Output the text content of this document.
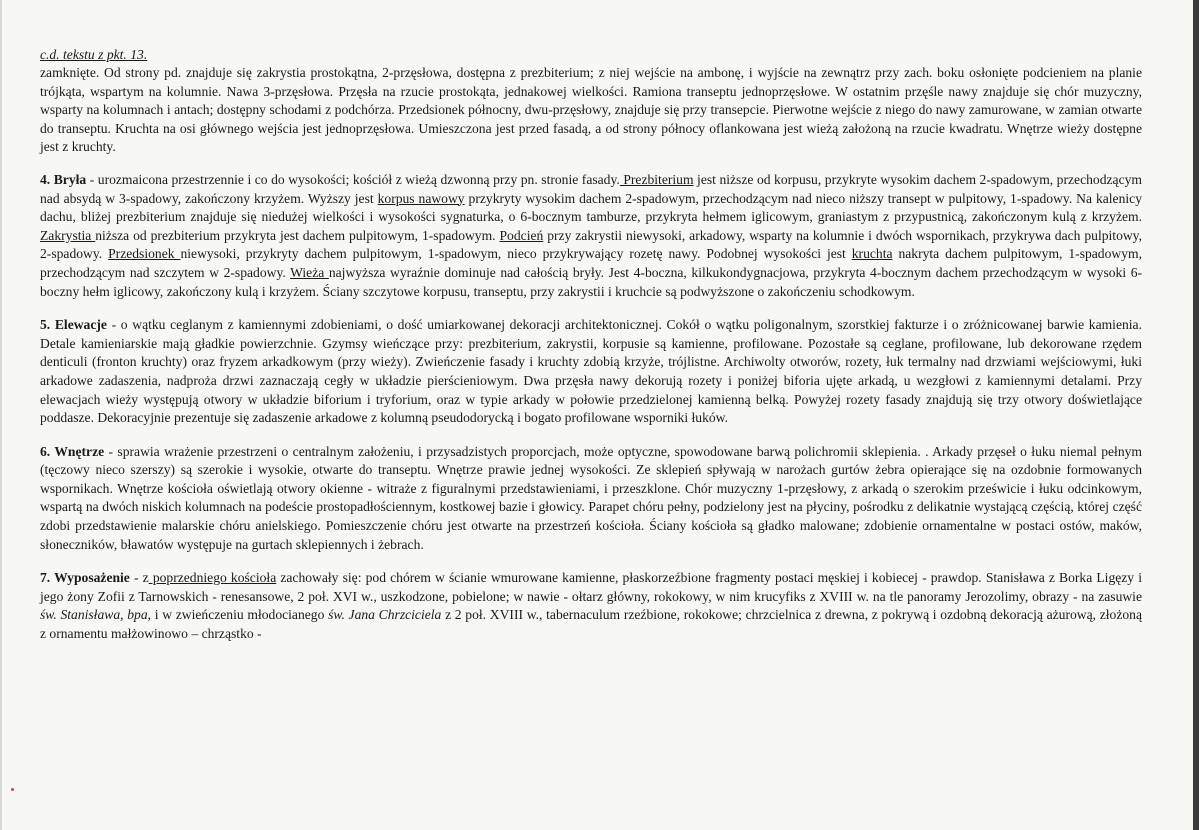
c.d. tekstu z pkt. 13.

zamknięte. Od strony pd. znajduje się zakrystia prostokątna, 2-przęsłowa, dostępna z prezbiterium; z niej wejście na ambonę, i wyjście na zewnątrz przy zach. boku osłonięte podcieniem na planie trójkąta, wspartym na kolumnie. Nawa 3-przęsłowa. Przęsła na rzucie prostokąta, jednakowej wielkości. Ramiona transeptu jednoprzęsłowe. W ostatnim przęśle nawy znajduje się chór muzyczny, wsparty na kolumnach i antach; dostępny schodami z podchórza. Przedsionek północny, dwu-przęsłowy, znajduje się przy transepcie. Pierwotne wejście z niego do nawy zamurowane, w zamian otwarte do transeptu. Kruchta na osi głównego wejścia jest jednoprzęsłowa. Umieszczona jest przed fasadą, a od strony północy oflankowana jest wieżą założoną na rzucie kwadratu. Wnętrze wieży dostępne jest z kruchty.

4. Bryła - urozmaicona przestrzennie i co do wysokości; kościół z wieżą dzwonną przy pn. stronie fasady. Prezbiterium jest niższe od korpusu, przykryte wysokim dachem 2-spadowym, przechodzącym nad absydą w 3-spadowy, zakończony krzyżem. Wyższy jest korpus nawowy przykryty wysokim dachem 2-spadowym, przechodzącym nad nieco niższy transept w pulpitowy, 1-spadowy. Na kalenicy dachu, bliżej prezbiterium znajduje się niedużej wielkości i wysokości sygnaturka, o 6-bocznym tamburze, przykryta hełmem iglicowym, graniastym z przypustnicą, zakończonym kulą z krzyżem. Zakrystia niższa od prezbiterium przykryta jest dachem pulpitowym, 1-spadowym. Podcień przy zakrystii niewysoki, arkadowy, wsparty na kolumnie i dwóch wspornikach, przykrywa dach pulpitowy, 2-spadowy. Przedsionek niewysoki, przykryty dachem pulpitowym, 1-spadowym, nieco przykrywający rozetę nawy. Podobnej wysokości jest kruchta nakryta dachem pulpitowym, 1-spadowym, przechodzącym nad szczytem w 2-spadowy. Wieża najwyższa wyraźnie dominuje nad całością bryły. Jest 4-boczna, kilkukondygnacjowa, przykryta 4-bocznym dachem przechodzącym w wysoki 6-boczny hełm iglicowy, zakończony kulą i krzyżem. Ściany szczytowe korpusu, transeptu, przy zakrystii i kruchcie są podwyższone o zakończeniu schodkowym.

5. Elewacje - o wątku ceglanym z kamiennymi zdobieniami, o dość umiarkowanej dekoracji architektonicznej. Cokół o wątku poligonalnym, szorstkiej fakturze i o zróżnicowanej barwie kamienia. Detale kamieniarskie mają gładkie powierzchnie. Gzymsy wieńczące przy: prezbiterium, zakrystii, korpusie są kamienne, profilowane. Pozostałe są ceglane, profilowane, lub dekorowane rzędem denticuli (fronton kruchty) oraz fryzem arkadkowym (przy wieży). Zwieńczenie fasady i kruchty zdobią krzyże, trójlistne. Archiwolty otworów, rozety, łuk termalny nad drzwiami wejściowymi, łuki arkadowe zadaszenia, nadproża drzwi zaznaczają cegły w układzie pierścieniowym. Dwa przęsła nawy dekorują rozety i poniżej biforia ujęte arkadą, u wezgłowi z kamiennymi detalami. Przy elewacjach wieży występują otwory w układzie biforium i tryforium, oraz w typie arkady w połowie przedzielonej kamienną belką. Powyżej rozety fasady znajdują się trzy otwory doświetlające poddasze. Dekoracyjnie prezentuje się zadaszenie arkadowe z kolumną pseudodorycką i bogato profilowane wsporniki łuków.

6. Wnętrze - sprawia wrażenie przestrzeni o centralnym założeniu, i przysadzistych proporcjach, może optyczne, spowodowane barwą polichromii sklepienia. . Arkady przęseł o łuku niemal pełnym (tęczowy nieco szerszy) są szerokie i wysokie, otwarte do transeptu. Wnętrze prawie jednej wysokości. Ze sklepień spływają w narożach gurtów żebra opierające się na ozdobnie formowanych wspornikach. Wnętrze kościoła oświetlają otwory okienne - witraże z figuralnymi przedstawieniami, i przeszklone. Chór muzyczny 1-przęsłowy, z arkadą o szerokim prześwicie i łuku odcinkowym, wspartą na dwóch niskich kolumnach na podeście prostopadłościennym, kostkowej bazie i głowicy. Parapet chóru pełny, podzielony jest na płyciny, pośrodku z delikatnie wystającą częścią, której część zdobi przedstawienie malarskie chóru anielskiego. Pomieszczenie chóru jest otwarte na przestrzeń kościoła. Ściany kościoła są gładko malowane; zdobienie ornamentalne w postaci ostów, maków, słoneczników, bławatów występuje na gurtach sklepiennych i żebrach.

7. Wyposażenie - z poprzedniego kościoła zachowały się: pod chórem w ścianie wmurowane kamienne, płaskorzeźbione fragmenty postaci męskiej i kobiecej - prawdop. Stanisława z Borka Ligęzy i jego żony Zofii z Tarnowskich - renesansowe, 2 poł. XVI w., uszkodzone, pobielone; w nawie - ołtarz główny, rokokowy, w nim krucyfiks z XVIII w. na tle panoramy Jerozolimy, obrazy - na zasuwie św. Stanisława, bpa, i w zwieńczeniu młodocianego św. Jana Chrzciciela z 2 poł. XVIII w., tabernaculum rzeźbione, rokokowe; chrzcielnica z drewna, z pokrywą i ozdobną dekoracją ażurową, złożoną z ornamentu małżowinowo – chrząstko -
